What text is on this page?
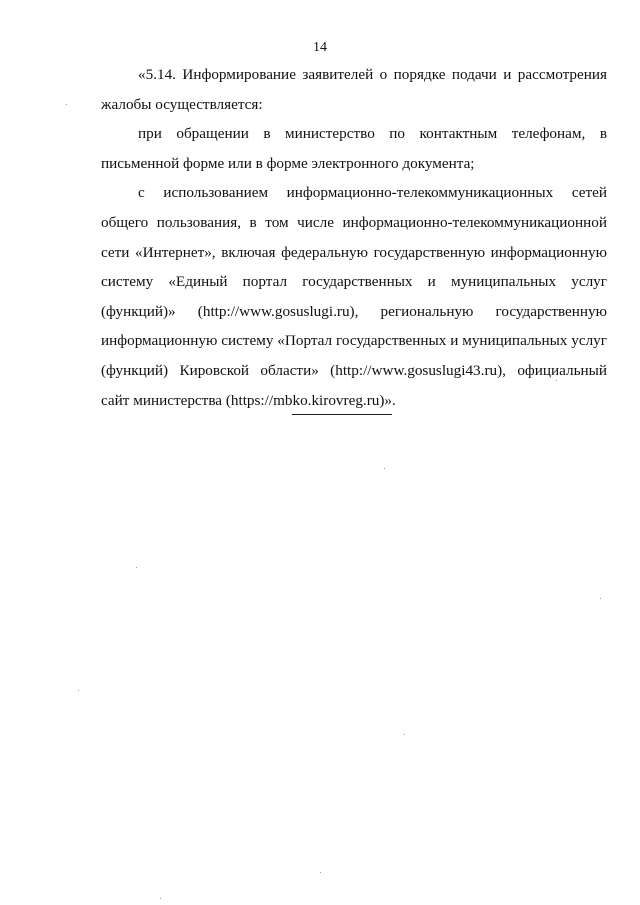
14

«5.14. Информирование заявителей о порядке подачи и рассмотрения жалобы осуществляется:

при обращении в министерство по контактным телефонам, в письменной форме или в форме электронного документа;

с использованием информационно-телекоммуникационных сетей общего пользования, в том числе информационно-телекоммуникационной сети «Интернет», включая федеральную государственную информационную систему «Единый портал государственных и муниципальных услуг (функций)» (http://www.gosuslugi.ru), региональную государственную информационную систему «Портал государственных и муниципальных услуг (функций) Кировской области» (http://www.gosuslugi43.ru), официальный сайт министерства (https://mbko.kirovreg.ru)».
